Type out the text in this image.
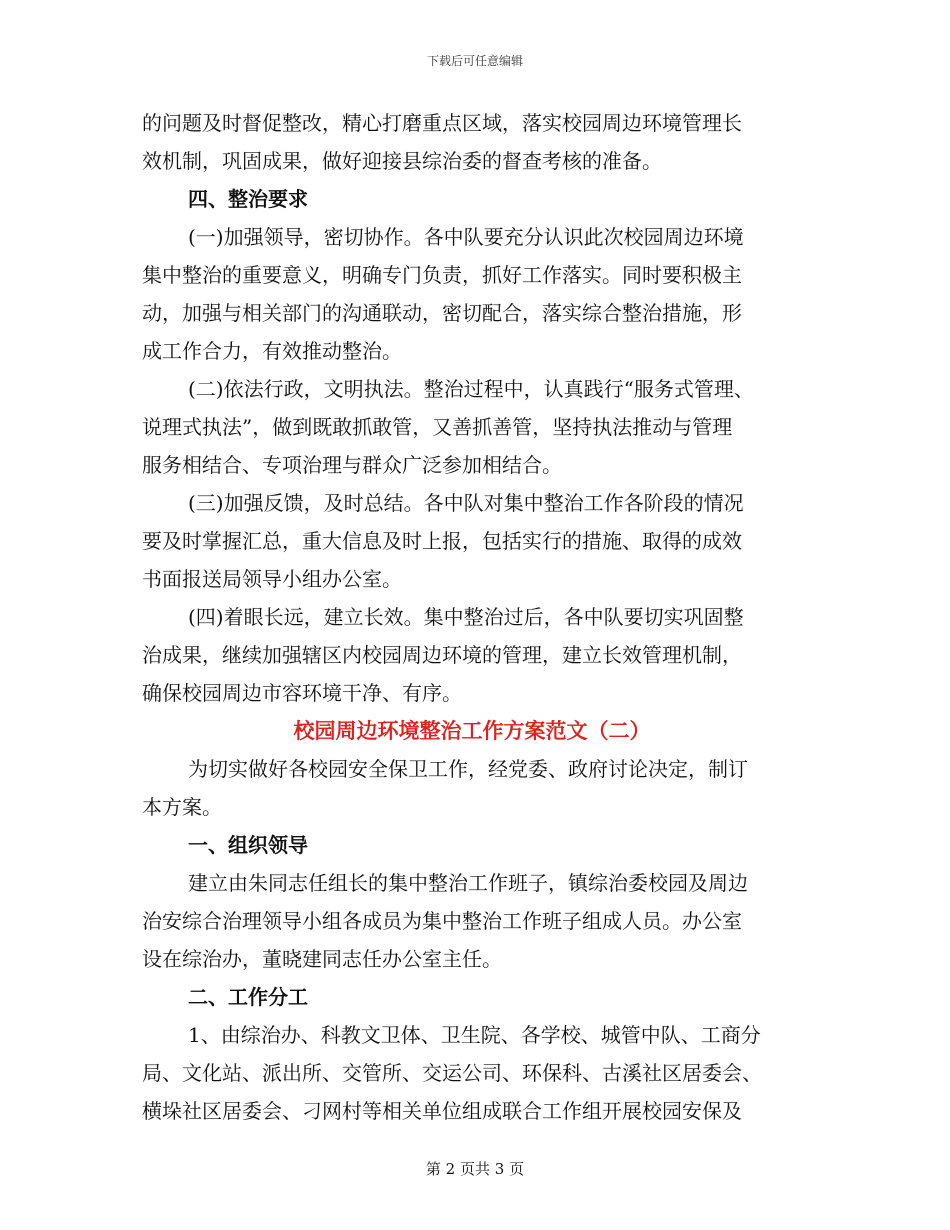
下载后可任意编辑
的问题及时督促整改，精心打磨重点区域，落实校园周边环境管理长
效机制，巩固成果，做好迎接县综治委的督查考核的准备。
四、整治要求
(一)加强领导，密切协作。各中队要充分认识此次校园周边环境
集中整治的重要意义，明确专门负责，抓好工作落实。同时要积极主
动，加强与相关部门的沟通联动，密切配合，落实综合整治措施，形
成工作合力，有效推动整治。
(二)依法行政，文明执法。整治过程中，认真践行“服务式管理、
说理式执法”，做到既敢抓敢管，又善抓善管，坚持执法推动与管理
服务相结合、专项治理与群众广泛参加相结合。
(三)加强反馈，及时总结。各中队对集中整治工作各阶段的情况
要及时掌握汇总，重大信息及时上报，包括实行的措施、取得的成效
书面报送局领导小组办公室。
(四)着眼长远，建立长效。集中整治过后，各中队要切实巩固整
治成果，继续加强辖区内校园周边环境的管理，建立长效管理机制，
确保校园周边市容环境干净、有序。
校园周边环境整治工作方案范文（二）
为切实做好各校园安全保卫工作，经党委、政府讨论决定，制订
本方案。
一、组织领导
建立由朱同志任组长的集中整治工作班子，镇综治委校园及周边
治安综合治理领导小组各成员为集中整治工作班子组成人员。办公室
设在综治办，董晓建同志任办公室主任。
二、工作分工
1、由综治办、科教文卫体、卫生院、各学校、城管中队、工商分
局、文化站、派出所、交管所、交运公司、环保科、古溪社区居委会、
横垛社区居委会、刁网村等相关单位组成联合工作组开展校园安保及
第 2 页共 3 页
